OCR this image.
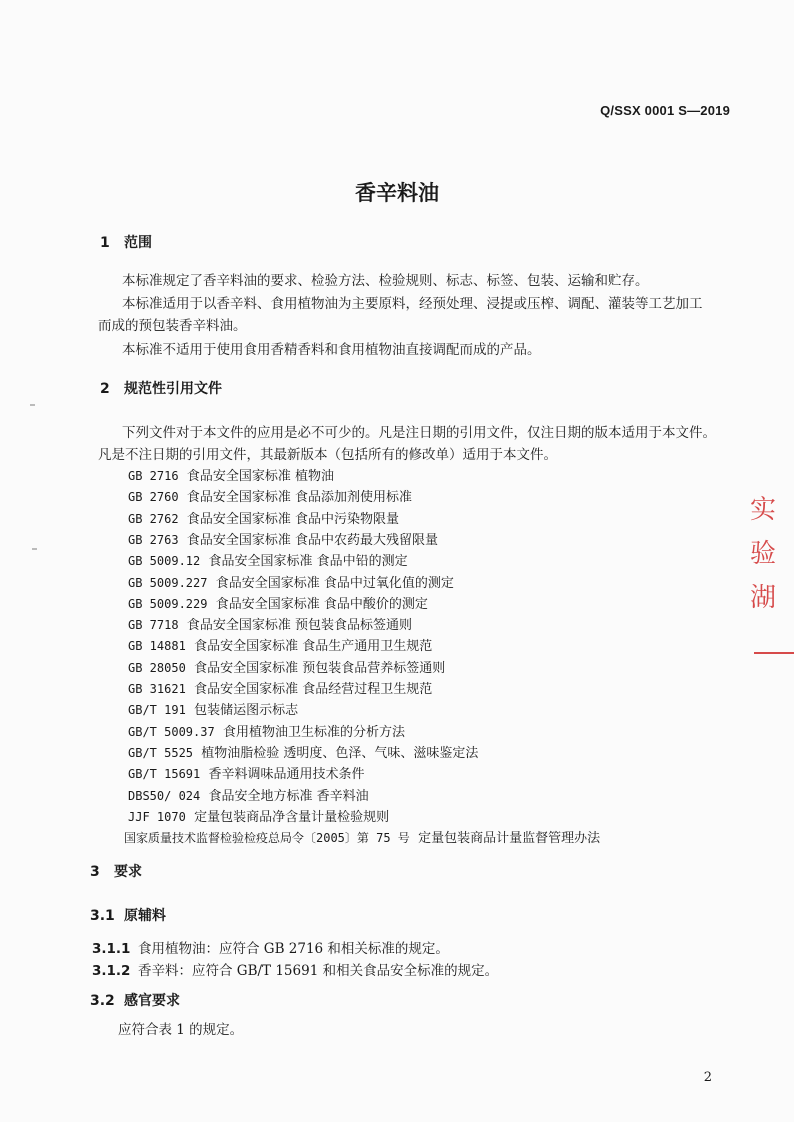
Q/SSX 0001 S—2019
香辛料油
1 范围
本标准规定了香辛料油的要求、检验方法、检验规则、标志、标签、包装、运输和贮存。
本标准适用于以香辛料、食用植物油为主要原料，经预处理、浸提或压榨、调配、灌装等工艺加工
而成的预包装香辛料油。
本标准不适用于使用食用香精香料和食用植物油直接调配而成的产品。
2 规范性引用文件
下列文件对于本文件的应用是必不可少的。凡是注日期的引用文件，仅注日期的版本适用于本文件。
凡是不注日期的引用文件，其最新版本（包括所有的修改单）适用于本文件。
GB 2716 食品安全国家标准 植物油
GB 2760 食品安全国家标准 食品添加剂使用标准
GB 2762 食品安全国家标准 食品中污染物限量
GB 2763 食品安全国家标准 食品中农药最大残留限量
GB 5009.12 食品安全国家标准 食品中铅的测定
GB 5009.227 食品安全国家标准 食品中过氧化值的测定
GB 5009.229 食品安全国家标准 食品中酸价的测定
GB 7718 食品安全国家标准 预包装食品标签通则
GB 14881 食品安全国家标准 食品生产通用卫生规范
GB 28050 食品安全国家标准 预包装食品营养标签通则
GB 31621 食品安全国家标准 食品经营过程卫生规范
GB/T 191 包装储运图示标志
GB/T 5009.37 食用植物油卫生标准的分析方法
GB/T 5525 植物油脂检验 透明度、色泽、气味、滋味鉴定法
GB/T 15691 香辛料调味品通用技术条件
DBS50/ 024 食品安全地方标准 香辛料油
JJF 1070 定量包装商品净含量计量检验规则
国家质量技术监督检验检疫总局令〔2005〕第 75 号 定量包装商品计量监督管理办法
3 要求
3.1 原辅料
3.1.1 食用植物油：应符合 GB 2716 和相关标准的规定。
3.1.2 香辛料：应符合 GB/T 15691 和相关食品安全标准的规定。
3.2 感官要求
应符合表 1 的规定。
2
实
验
湖
